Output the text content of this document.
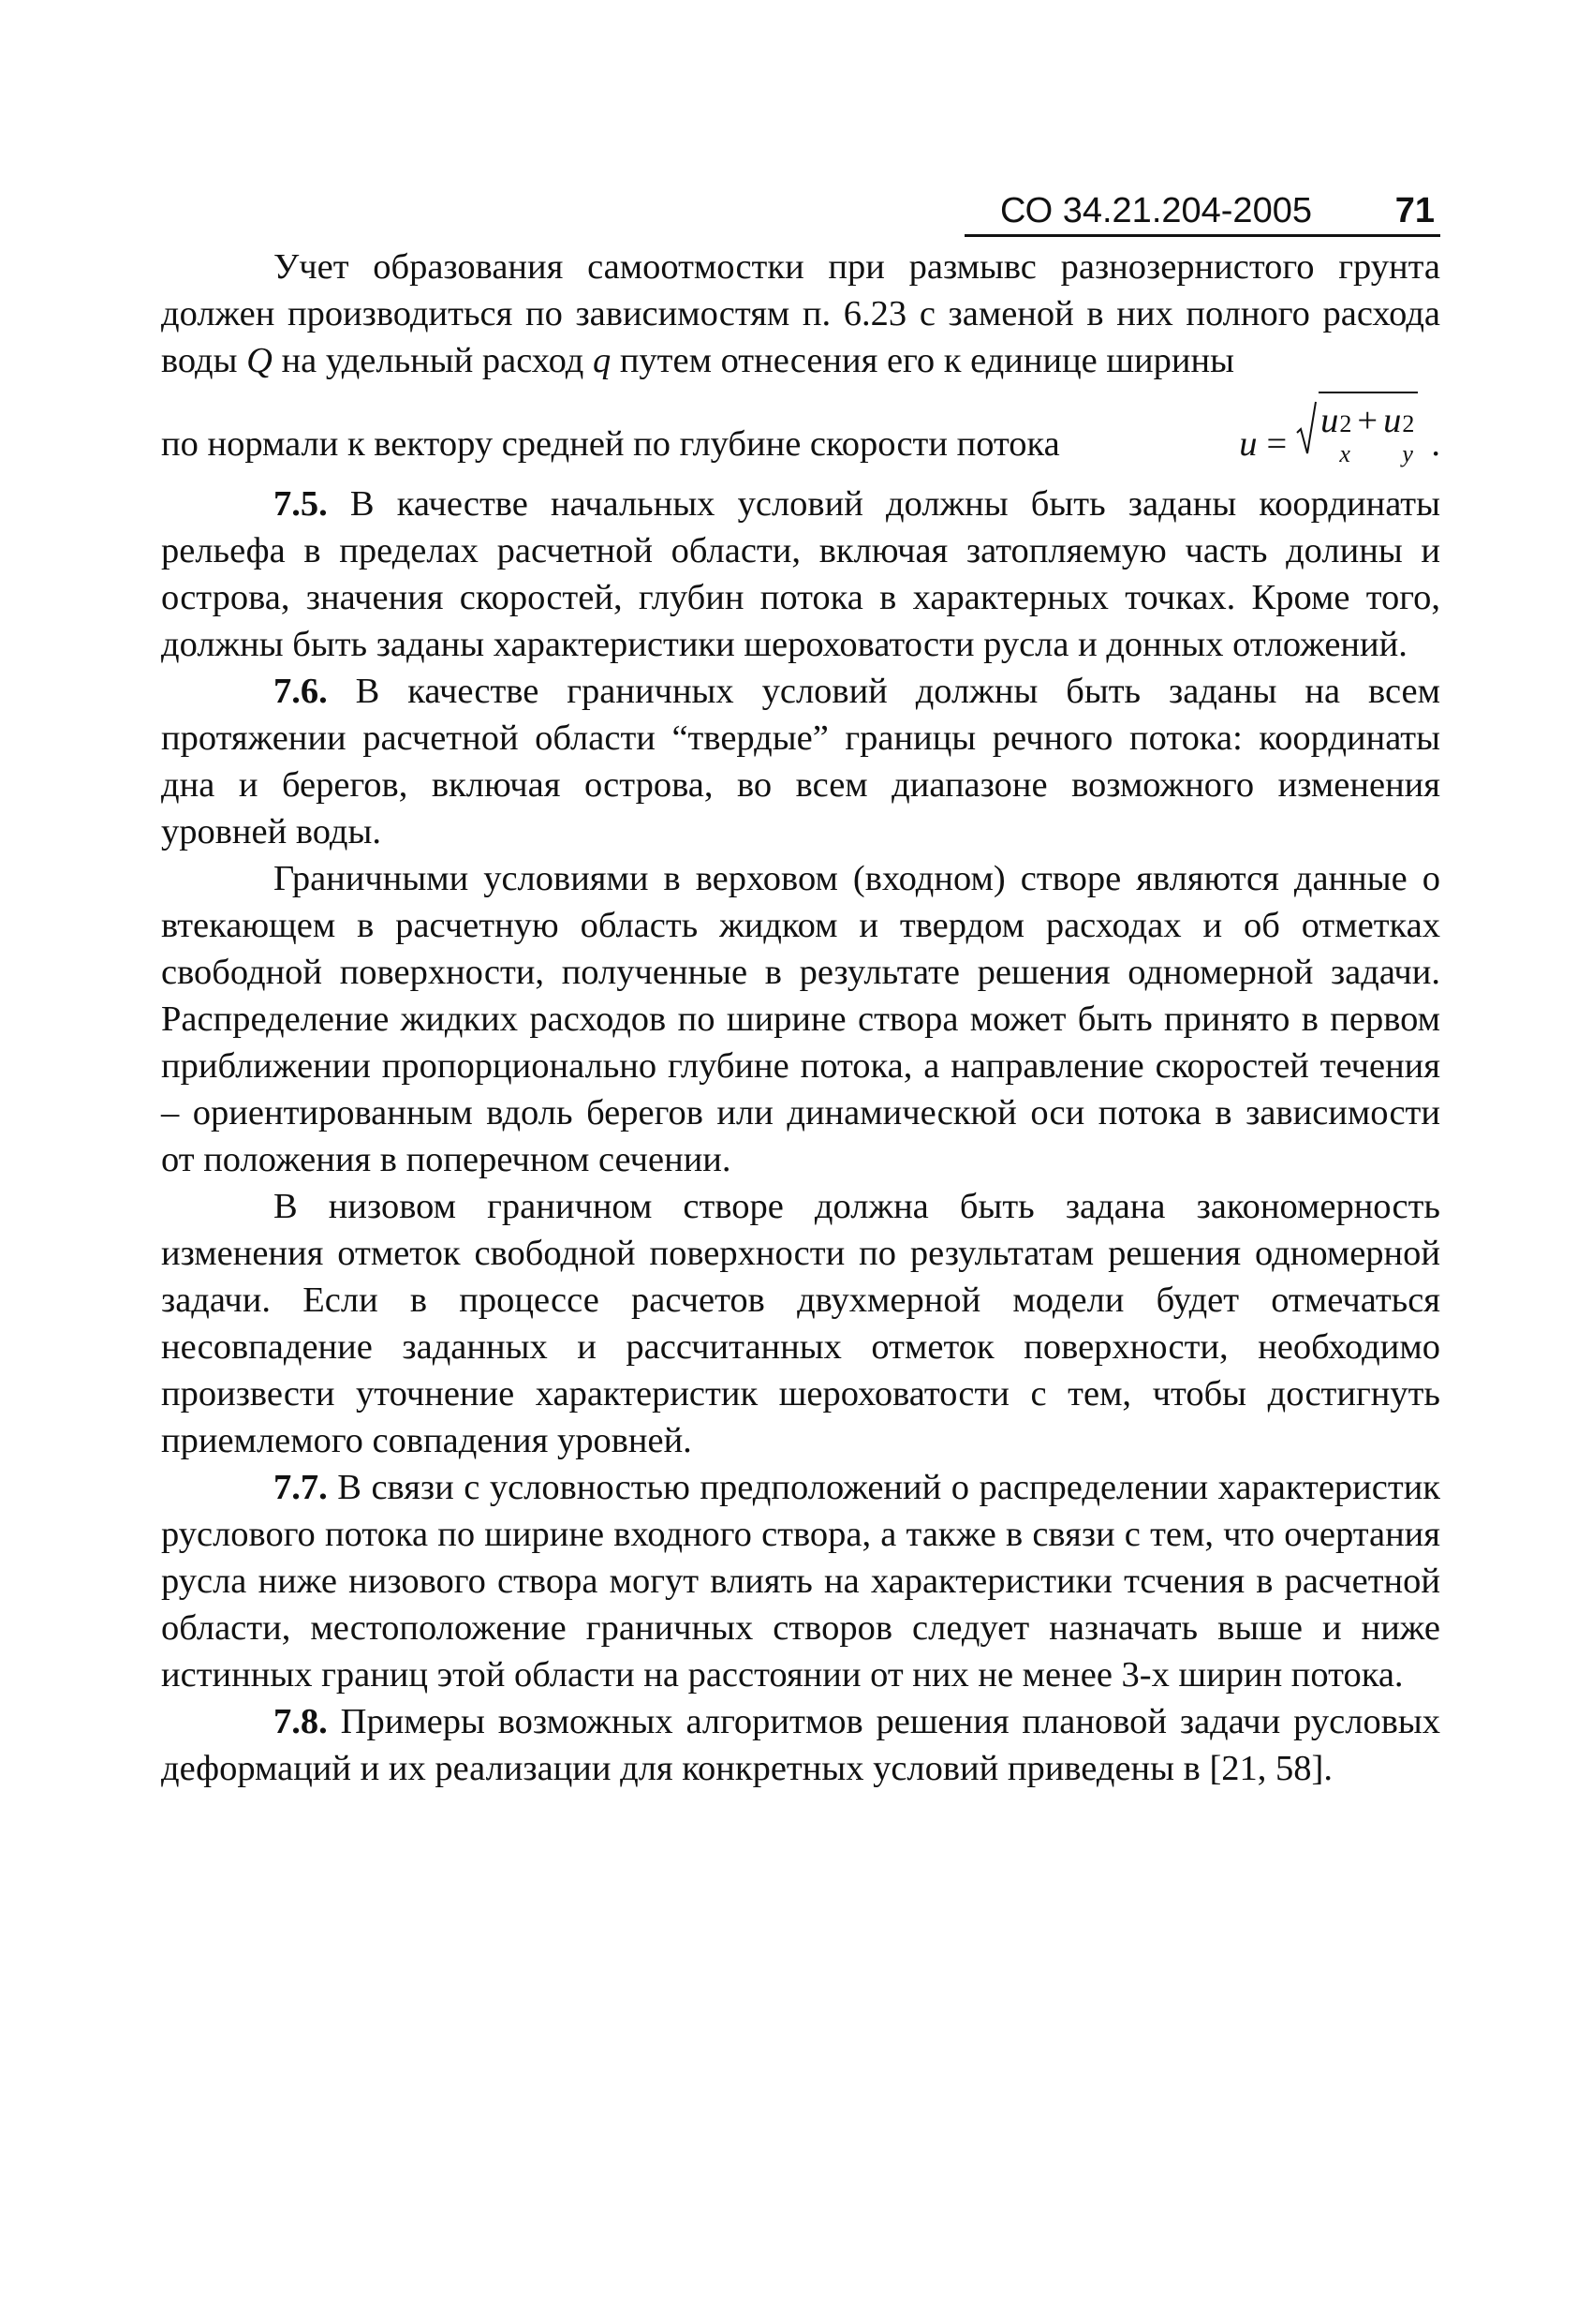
СО 34.21.204-2005 71

Учет образования самоотмостки при размывс разнозернистого грунта должен производиться по зависимостям п. 6.23 с заменой в них полного расхода воды Q на удельный расход q путем отнесения его к единице ширины

по нормали к вектору средней по глубине скорости потока	u =
u 2
x
+ u 2
y .

7.5. В качестве начальных условий должны быть заданы координаты рельефа в пределах расчетной области, включая затопляемую часть долины и острова, значения скоростей, глубин потока в характерных точках. Кроме того, должны быть заданы характеристики шероховатости русла и донных отложений.

7.6. В качестве граничных условий должны быть заданы на всем протяжении расчетной области “твердые” границы речного потока: координаты дна и берегов, включая острова, во всем диапазоне возможного изменения уровней воды.

Граничными условиями в верховом (входном) створе являются данные о втекающем в расчетную область жидком и твердом расходах и об отметках свободной поверхности, полученные в результате решения одномерной задачи. Распределение жидких расходов по ширине створа может быть принято в первом приближении пропорционально глубине потока, а направление скоростей течения – ориентированным вдоль берегов или динамическюй оси потока в зависимости от положения в поперечном сечении.

В низовом граничном створе должна быть задана закономерность изменения отметок свободной поверхности по результатам решения одномерной задачи. Если в процессе расчетов двухмерной модели будет отмечаться несовпадение заданных и рассчитанных отметок поверхности, необходимо произвести уточнение характеристик шероховатости с тем, чтобы достигнуть приемлемого совпадения уровней.

7.7. В связи с условностью предположений о распределении характеристик руслового потока по ширине входного створа, а также в связи с тем, что очертания русла ниже низового створа могут влиять на характеристики тсчения в расчетной области, местоположение граничных створов следует назначать выше и ниже истинных границ этой области на расстоянии от них не менее 3-х ширин потока.

7.8. Примеры возможных алгоритмов решения плановой задачи русловых деформаций и их реализации для конкретных условий приведены в [21, 58].
